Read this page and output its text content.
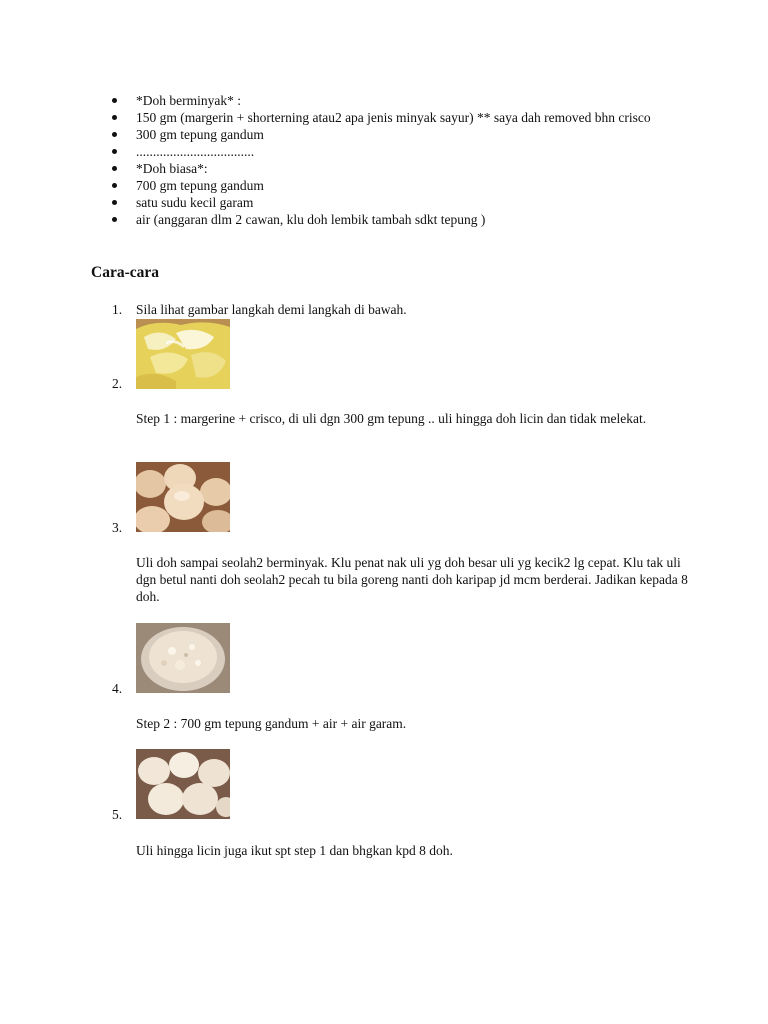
*Doh berminyak* :
150 gm (margerin + shorterning atau2 apa jenis minyak sayur) ** saya dah removed bhn crisco
300 gm tepung gandum
...................................
*Doh biasa*:
700 gm tepung gandum
satu sudu kecil garam
air (anggaran dlm 2 cawan, klu doh lembik tambah sdkt tepung )
Cara-cara
1. Sila lihat gambar langkah demi langkah di bawah.
2.
Step 1 : margerine + crisco, di uli dgn 300 gm tepung .. uli hingga doh licin dan tidak melekat.
3.
Uli doh sampai seolah2 berminyak. Klu penat nak uli yg doh besar uli yg kecik2 lg cepat. Klu tak uli dgn betul nanti doh seolah2 pecah tu bila goreng nanti doh karipap jd mcm berderai. Jadikan kepada 8 doh.
4.
Step 2 : 700 gm tepung gandum + air + air garam.
5.
Uli hingga licin juga ikut spt step 1 dan bhgkan kpd 8 doh.
